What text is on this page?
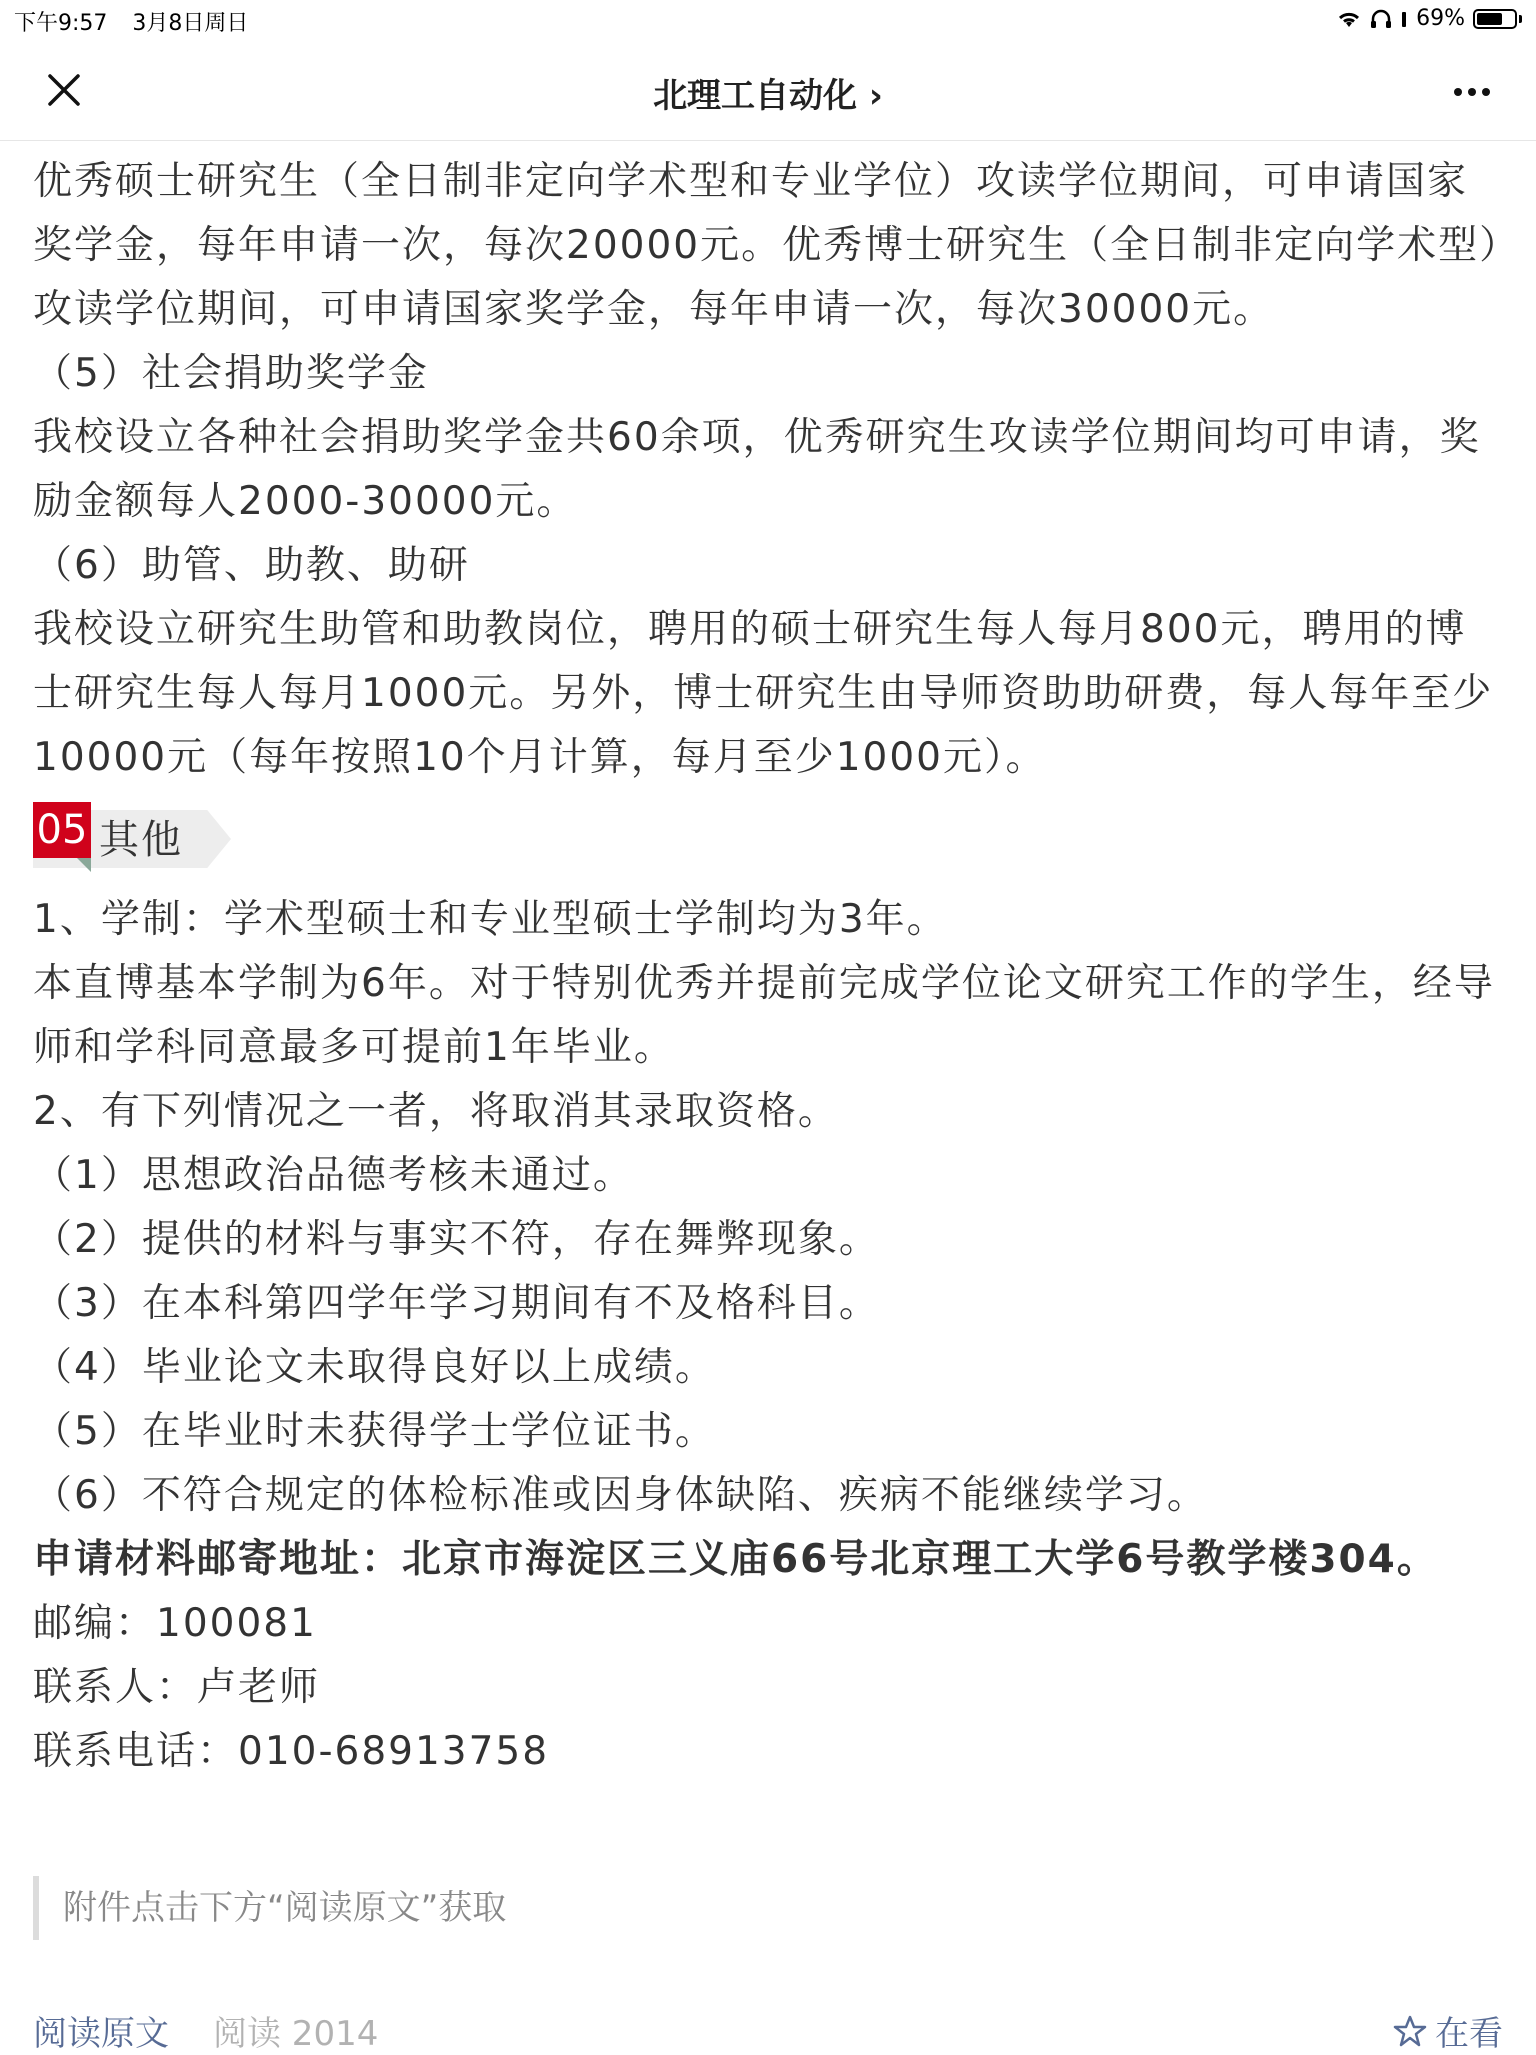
下午9:57 3月8日周日	69%
北理工自动化 ›

优秀硕士研究生（全日制非定向学术型和专业学位）攻读学位期间，可申请国家奖学金，每年申请一次，每次20000元。优秀博士研究生（全日制非定向学术型）攻读学位期间，可申请国家奖学金，每年申请一次，每次30000元。

（5）社会捐助奖学金

我校设立各种社会捐助奖学金共60余项，优秀研究生攻读学位期间均可申请，奖励金额每人2000-30000元。

（6）助管、助教、助研

我校设立研究生助管和助教岗位，聘用的硕士研究生每人每月800元，聘用的博士研究生每人每月1000元。另外，博士研究生由导师资助助研费，每人每年至少10000元（每年按照10个月计算，每月至少1000元）。

05 其他

1、学制：学术型硕士和专业型硕士学制均为3年。

本直博基本学制为6年。对于特别优秀并提前完成学位论文研究工作的学生，经导师和学科同意最多可提前1年毕业。

2、有下列情况之一者，将取消其录取资格。

（1）思想政治品德考核未通过。

（2）提供的材料与事实不符，存在舞弊现象。

（3）在本科第四学年学习期间有不及格科目。

（4）毕业论文未取得良好以上成绩。

（5）在毕业时未获得学士学位证书。

（6）不符合规定的体检标准或因身体缺陷、疾病不能继续学习。

申请材料邮寄地址：北京市海淀区三义庙66号北京理工大学6号教学楼304。

邮编：100081

联系人：卢老师

联系电话：010-68913758

附件点击下方“阅读原文”获取
阅读原文 阅读 2014	在看
